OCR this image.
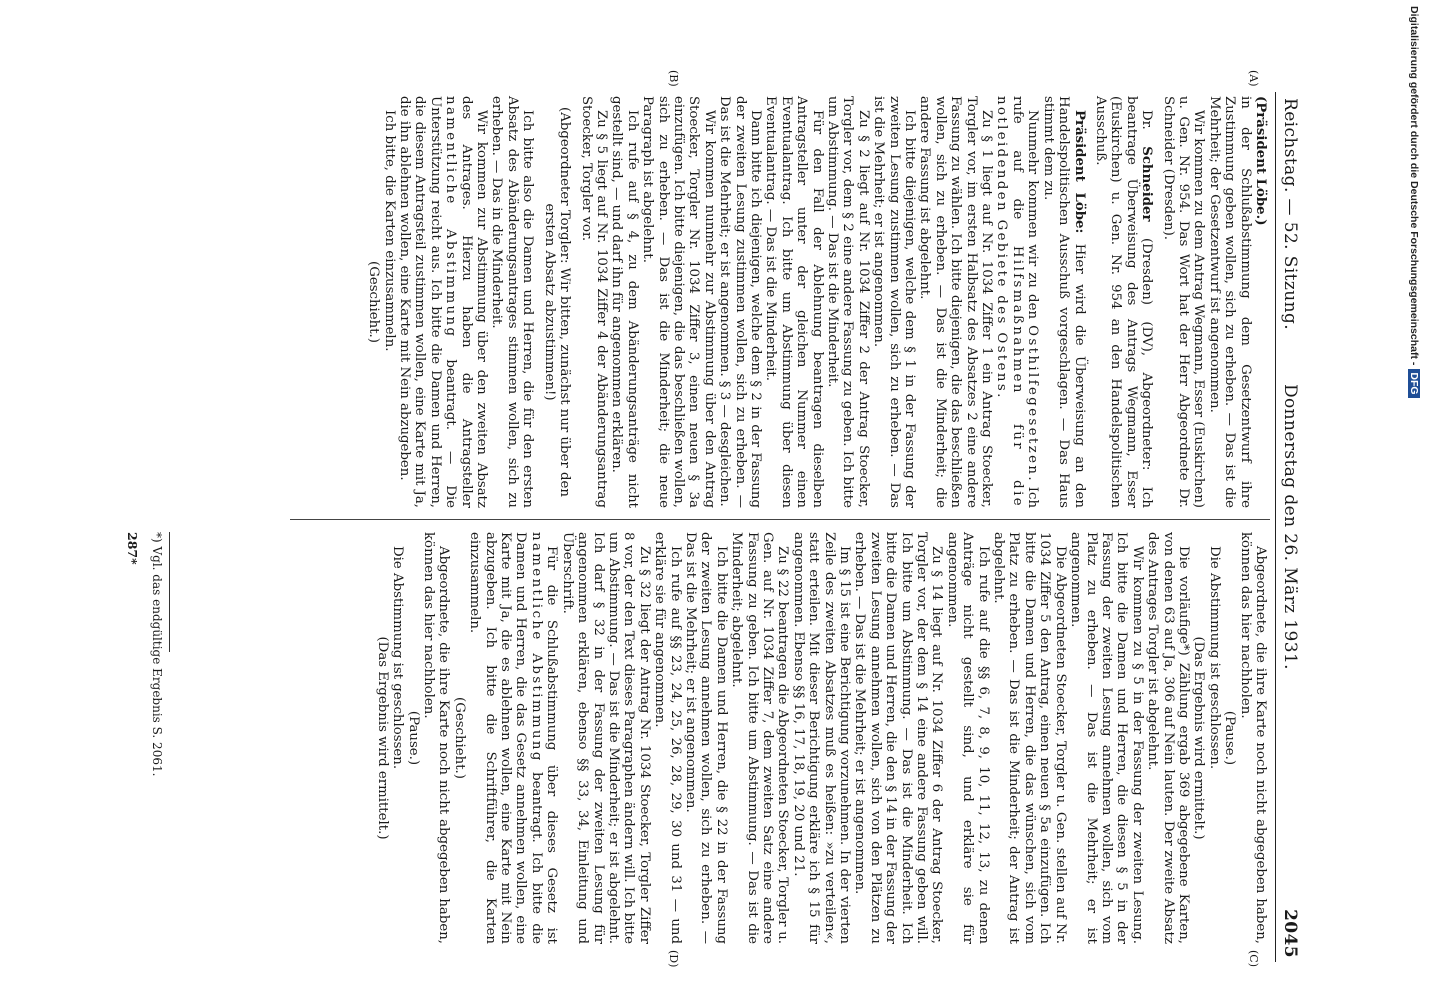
Reichstag. — 52. Sitzung.
Donnerstag den 26. März 1931.
2045
(A)
(B)
(C)
(D)

(Präsident Löbe.)

in der Schlußabstimmung dem Gesetzentwurf ihre Zustimmung geben wollen, sich zu erheben. — Das ist die Mehrheit; der Gesetzentwurf ist angenommen.

Wir kommen zu dem Antrag Wegmann, Esser (Euskirchen) u. Gen. Nr. 954. Das Wort hat der Herr Abgeordnete Dr. Schneider (Dresden).

Dr. Schneider (Dresden) (DV), Abgeordneter: Ich beantrage Überweisung des Antrags Wegmann, Esser (Euskirchen) u. Gen. Nr. 954 an den Handelspolitischen Ausschuß.

Präsident Löbe: Hier wird die Überweisung an den Handelspolitischen Ausschuß vorgeschlagen. — Das Haus stimmt dem zu.

Nunmehr kommen wir zu den Osthilfegesetzen. Ich rufe auf die Hilfsmaßnahmen für die notleidenden Gebiete des Ostens.

Zu § 1 liegt auf Nr. 1034 Ziffer 1 ein Antrag Stoecker, Torgler vor, im ersten Halbsatz des Absatzes 2 eine andere Fassung zu wählen. Ich bitte diejenigen, die das beschließen wollen, sich zu erheben. — Das ist die Minderheit; die andere Fassung ist abgelehnt.

Ich bitte diejenigen, welche dem § 1 in der Fassung der zweiten Lesung zustimmen wollen, sich zu erheben. — Das ist die Mehrheit; er ist angenommen.

Zu § 2 liegt auf Nr. 1034 Ziffer 2 der Antrag Stoecker, Torgler vor, dem § 2 eine andere Fassung zu geben. Ich bitte um Abstimmung. — Das ist die Minderheit.

Für den Fall der Ablehnung beantragen dieselben Antragsteller unter der gleichen Nummer einen Eventualantrag. Ich bitte um Abstimmung über diesen Eventualantrag. — Das ist die Minderheit.

Dann bitte ich diejenigen, welche dem § 2 in der Fassung der zweiten Lesung zustimmen wollen, sich zu erheben. — Das ist die Mehrheit; er ist angenommen. § 3 — desgleichen.

Wir kommen nunmehr zur Abstimmung über den Antrag Stoecker, Torgler Nr. 1034 Ziffer 3, einen neuen § 3a einzufügen. Ich bitte diejenigen, die das beschließen wollen, sich zu erheben. — Das ist die Minderheit; die neue Paragraph ist abgelehnt.

Ich rufe auf § 4, zu dem Abänderungsanträge nicht gestellt sind, — und darf ihn für angenommen erklären.

Zu § 5 liegt auf Nr. 1034 Ziffer 4 der Abänderungsantrag Stoecker, Torgler vor.

(Abgeordneter Torgler: Wir bitten, zunächst nur über den ersten Absatz abzustimmen!)

Ich bitte also die Damen und Herren, die für den ersten Absatz des Abänderungsantrages stimmen wollen, sich zu erheben. — Das in die Minderheit.

Wir kommen zur Abstimmung über den zweiten Absatz des Antrages. Hierzu haben die Antragsteller namentliche Abstimmung beantragt. — Die Unterstützung reicht aus. Ich bitte die Damen und Herren, die diesem Antragsteil zustimmen wollen, eine Karte mit Ja, die ihn ablehnen wollen, eine Karte mit Nein abzugeben.

Ich bitte, die Karten einzusammeln.

(Geschieht.)

Abgeordnete, die ihre Karte noch nicht abgegeben haben, können das hier nachholen.

(Pause.)

Die Abstimmung ist geschlossen.

(Das Ergebnis wird ermittelt.)

Die vorläufige*) Zählung ergab 369 abgegebene Karten, von denen 63 auf Ja, 306 auf Nein lauten. Der zweite Absatz des Antrages Torgler ist abgelehnt.

Wir kommen zu § 5 in der Fassung der zweiten Lesung. Ich bitte die Damen und Herren, die diesen § 5 in der Fassung der zweiten Lesung annehmen wollen, sich vom Platz zu erheben. — Das ist die Mehrheit; er ist angenommen.

Die Abgeordneten Stoecker, Torgler u. Gen. stellen auf Nr. 1034 Ziffer 5 den Antrag, einen neuen § 5a einzufügen. Ich bitte die Damen und Herren, die das wünschen, sich vom Platz zu erheben. — Das ist die Minderheit; der Antrag ist abgelehnt.

Ich rufe auf die §§ 6, 7, 8, 9, 10, 11, 12, 13, zu denen Anträge nicht gestellt sind, und erkläre sie für angenommen.

Zu § 14 liegt auf Nr. 1034 Ziffer 6 der Antrag Stoecker, Torgler vor, der dem § 14 eine andere Fassung geben will. Ich bitte um Abstimmung. — Das ist die Minderheit. Ich bitte die Damen und Herren, die den § 14 in der Fassung der zweiten Lesung annehmen wollen, sich von den Plätzen zu erheben. — Das ist die Mehrheit; er ist angenommen.

Im § 15 ist eine Berichtigung vorzunehmen. In der vierten Zeile des zweiten Absatzes muß es heißen: »zu verteilen«, statt erteilen. Mit dieser Berichtigung erkläre ich § 15 für angenommen. Ebenso §§ 16, 17, 18, 19, 20 und 21.

Zu § 22 beantragen die Abgeordneten Stoecker, Torgler u. Gen. auf Nr. 1034 Ziffer 7, dem zweiten Satz eine andere Fassung zu geben. Ich bitte um Abstimmung. — Das ist die Minderheit; abgelehnt.

Ich bitte die Damen und Herren, die § 22 in der Fassung der zweiten Lesung annehmen wollen, sich zu erheben. — Das ist die Mehrheit; er ist angenommen.

Ich rufe auf §§ 23, 24, 25, 26, 28, 29, 30 und 31 — und erkläre sie für angenommen.

Zu § 32 liegt der Antrag Nr. 1034 Stoecker, Torgler Ziffer 8 vor, der den Text dieses Paragraphen ändern will. Ich bitte um Abstimmung. — Das ist die Minderheit; er ist abgelehnt. Ich darf § 32 in der Fassung der zweiten Lesung für angenommen erklären, ebenso §§ 33, 34, Einleitung und Überschrift.

Für die Schlußabstimmung über dieses Gesetz ist namentliche Abstimmung beantragt. Ich bitte die Damen und Herren, die das Gesetz annehmen wollen, eine Karte mit Ja, die es ablehnen wollen, eine Karte mit Nein abzugeben. Ich bitte die Schriftführer, die Karten einzusammeln.

(Geschieht.)

Abgeordnete, die ihre Karte noch nicht abgegeben haben, können das hier nachholen.

(Pause.)

Die Abstimmung ist geschlossen.

(Das Ergebnis wird ermittelt.)

*) Vgl. das endgültige Ergebnis S. 2061.
287*
Digitalisierung gefördert durch die Deutsche Forschungsgemeinschaft -DFG
